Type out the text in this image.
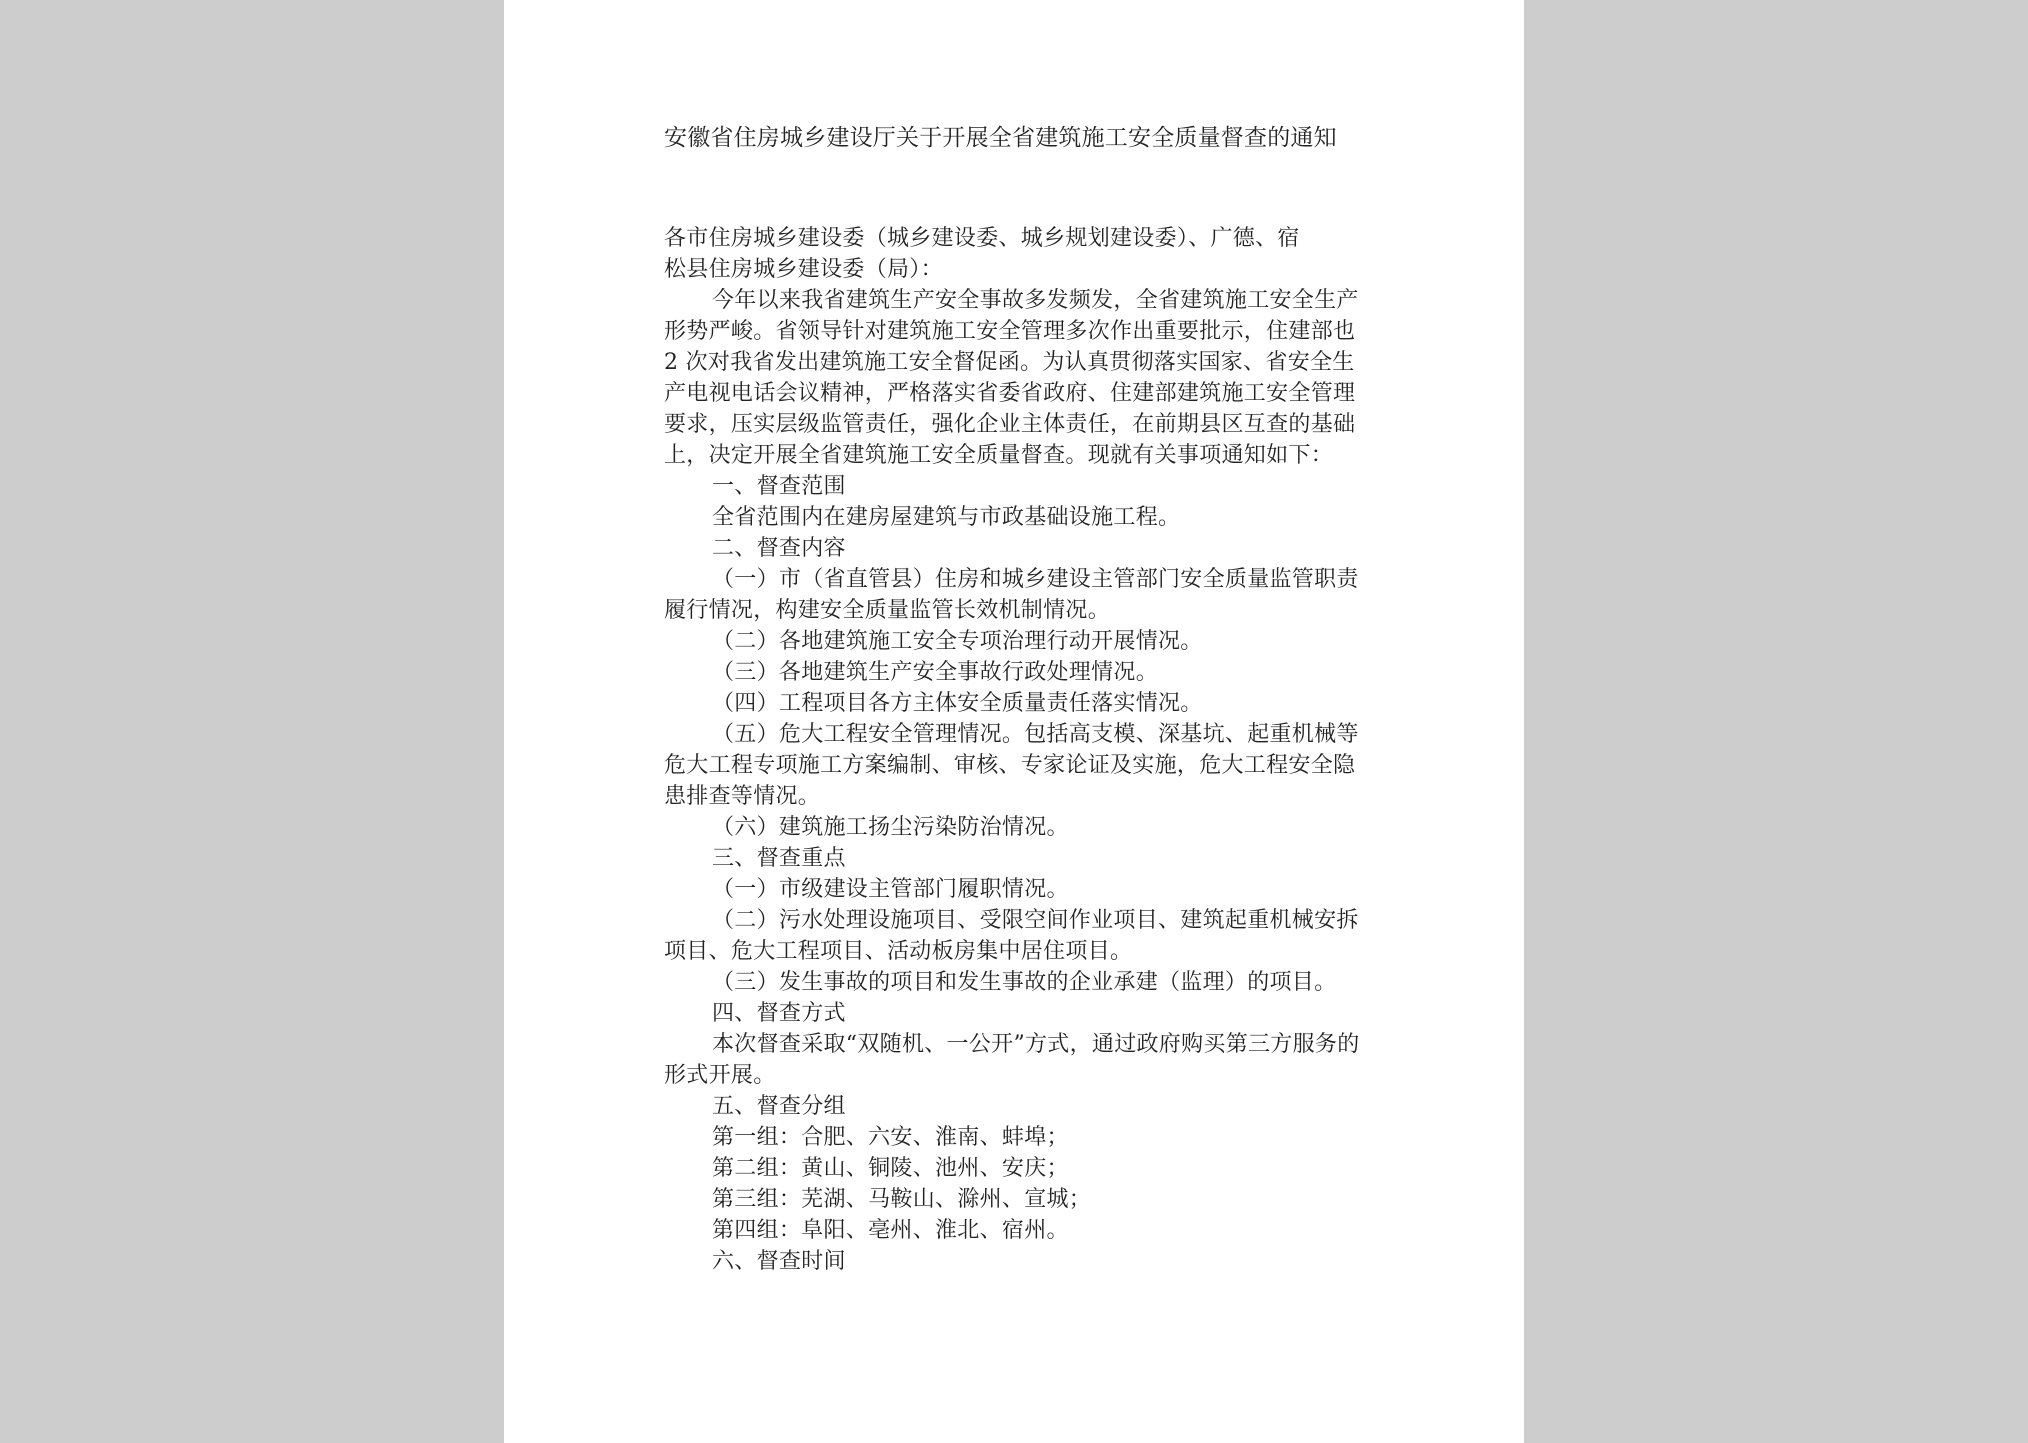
安徽省住房城乡建设厅关于开展全省建筑施工安全质量督查的通知

各市住房城乡建设委（城乡建设委、城乡规划建设委）、广德、宿

松县住房城乡建设委（局）：

今年以来我省建筑生产安全事故多发频发，全省建筑施工安全生产形势严峻。省领导针对建筑施工安全管理多次作出重要批示，住建部也 2 次对我省发出建筑施工安全督促函。为认真贯彻落实国家、省安全生产电视电话会议精神，严格落实省委省政府、住建部建筑施工安全管理要求，压实层级监管责任，强化企业主体责任，在前期县区互查的基础上，决定开展全省建筑施工安全质量督查。现就有关事项通知如下：

一、督查范围

全省范围内在建房屋建筑与市政基础设施工程。

二、督查内容

（一）市（省直管县）住房和城乡建设主管部门安全质量监管职责履行情况，构建安全质量监管长效机制情况。

（二）各地建筑施工安全专项治理行动开展情况。

（三）各地建筑生产安全事故行政处理情况。

（四）工程项目各方主体安全质量责任落实情况。

（五）危大工程安全管理情况。包括高支模、深基坑、起重机械等危大工程专项施工方案编制、审核、专家论证及实施，危大工程安全隐患排查等情况。

（六）建筑施工扬尘污染防治情况。

三、督查重点

（一）市级建设主管部门履职情况。

（二）污水处理设施项目、受限空间作业项目、建筑起重机械安拆项目、危大工程项目、活动板房集中居住项目。

（三）发生事故的项目和发生事故的企业承建（监理）的项目。

四、督查方式

本次督查采取“双随机、一公开”方式，通过政府购买第三方服务的形式开展。

五、督查分组

第一组：合肥、六安、淮南、蚌埠；

第二组：黄山、铜陵、池州、安庆；

第三组：芜湖、马鞍山、滁州、宣城；

第四组：阜阳、亳州、淮北、宿州。

六、督查时间
